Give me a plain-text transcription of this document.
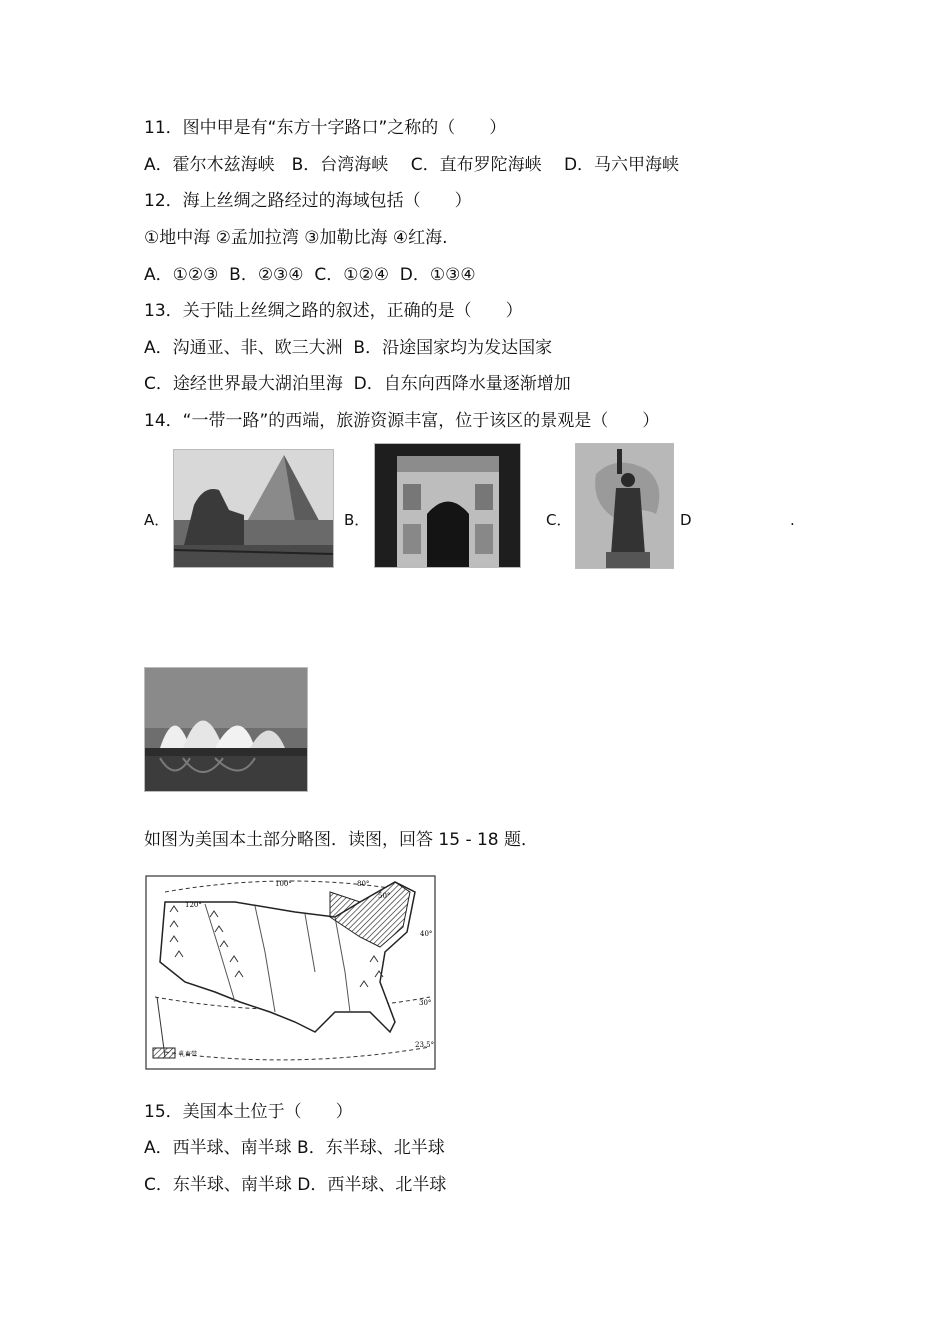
11．图中甲是有“东方十字路口”之称的（　　）
A．霍尔木兹海峡　B．台湾海峡　 C．直布罗陀海峡　 D．马六甲海峡
12．海上丝绸之路经过的海域包括（　　）
①地中海 ②孟加拉湾 ③加勒比海 ④红海.
A．①②③  B．②③④  C．①②④  D．①③④
13．关于陆上丝绸之路的叙述，正确的是（　　）
A．沟通亚、非、欧三大洲  B．沿途国家均为发达国家
C．途经世界最大湖泊里海  D．自东向西降水量逐渐增加
14．“一带一路”的西端，旅游资源丰富，位于该区的景观是（　　）
A．	B．	C．	D	.
如图为美国本土部分略图．读图，回答 15 - 18 题．
120°
100°	80°
50°
40°
30°
23.5°
乳畜带
15．美国本土位于（　　）
A．西半球、南半球 B．东半球、北半球
C．东半球、南半球 D．西半球、北半球
